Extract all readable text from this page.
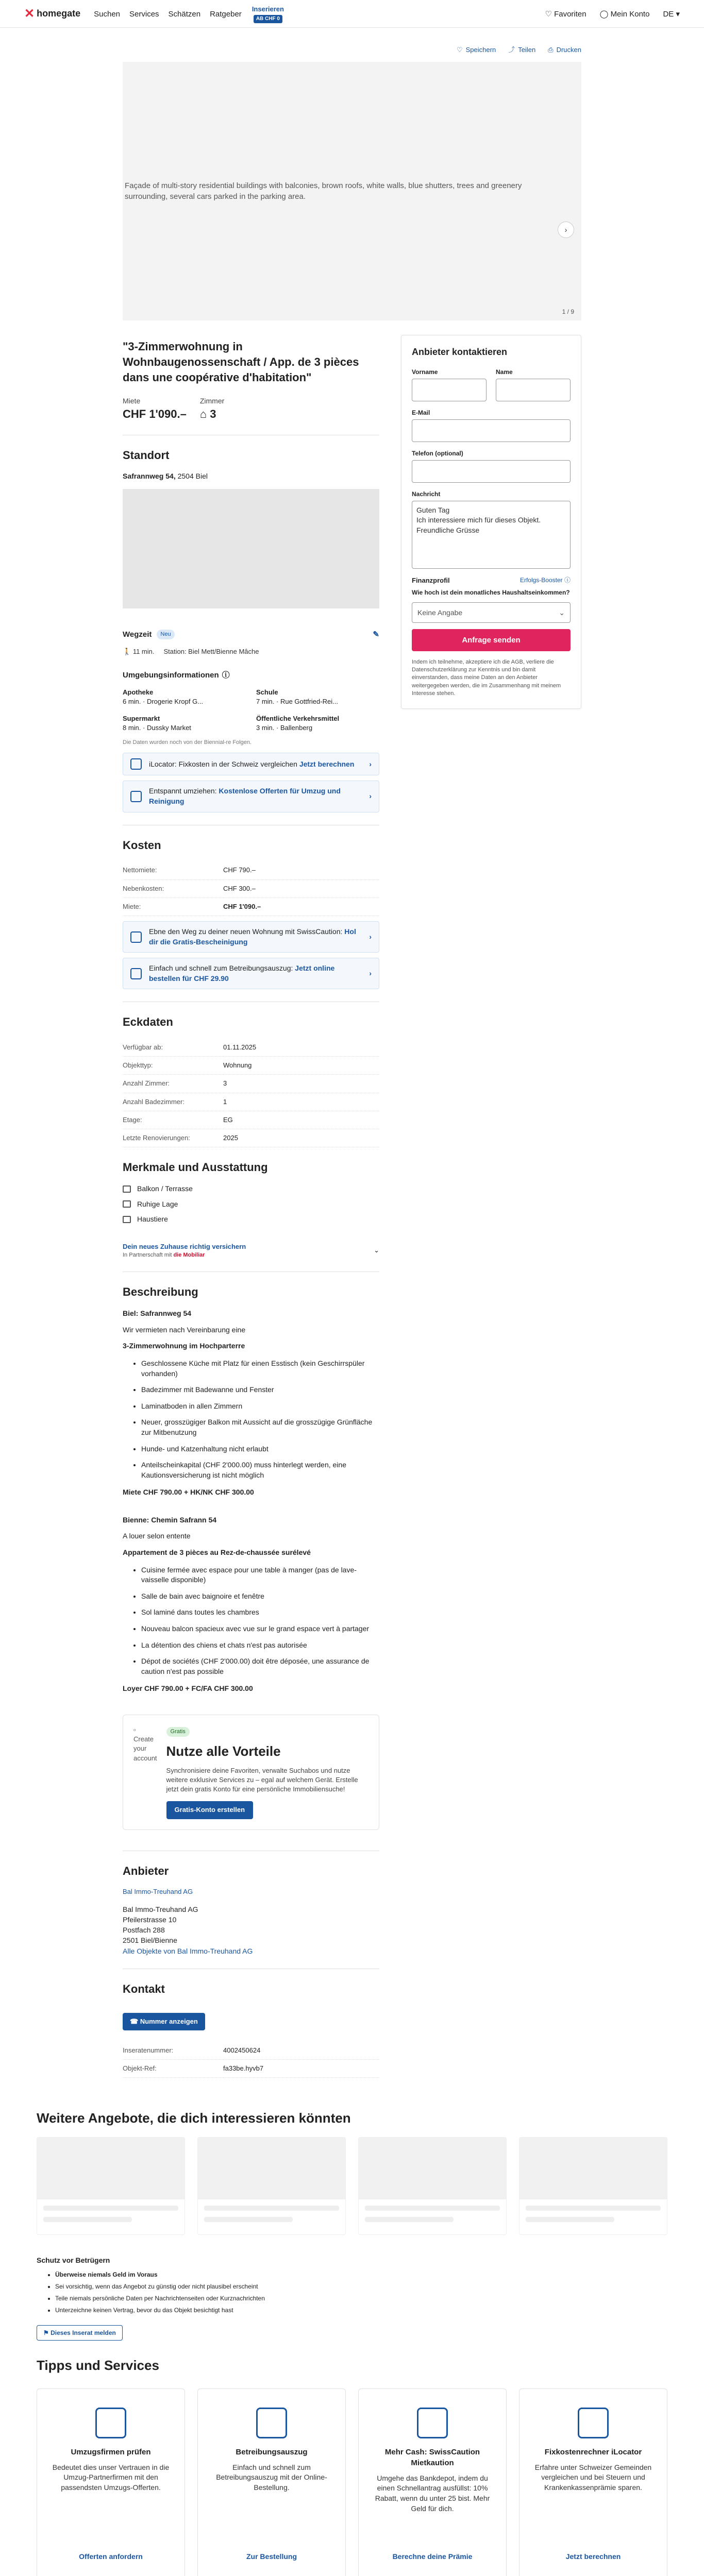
✕ homegate Suchen Services Schätzen Ratgeber
Inserieren
AB CHF 0
♡ Favoriten ◯ Mein Konto DE ▾
♡ Speichern ⤴ Teilen ⎙ Drucken
Façade of multi-story residential buildings with balconies, brown roofs, white walls, blue shutters, trees and greenery surrounding, several cars parked in the parking area.
›
1 / 9
"3-Zimmerwohnung in Wohnbaugenossenschaft / App. de 3 pièces dans une coopérative d'habitation"
Miete
CHF 1'090.–
Zimmer
⌂ 3
Standort
Safrannweg 54, 2504 Biel
Wegzeit	Neu	✎
🚶 11 min. Station: Biel Mett/Bienne Mâche
Umgebungsinformationen ⓘ
Apotheke
6 min. · Drogerie Kropf G...
Schule
7 min. · Rue Gottfried-Rei...
Supermarkt
8 min. · Dussky Market
Öffentliche Verkehrsmittel
3 min. · Ballenberg
Die Daten wurden noch von der Biennial-re Folgen.
iLocator: Fixkosten in der Schweiz vergleichen Jetzt berechnen ›
Entspannt umziehen: Kostenlose Offerten für Umzug und Reinigung
›
Kosten
Nettomiete:	CHF 790.–
Nebenkosten:	CHF 300.–
Miete:	CHF 1'090.–
Ebne den Weg zu deiner neuen Wohnung mit SwissCaution: Hol dir die Gratis-Bescheinigung
›
Einfach und schnell zum Betreibungsauszug: Jetzt online bestellen für CHF 29.90
›
Eckdaten
Verfügbar ab:	01.11.2025
Objekttyp:	Wohnung
Anzahl Zimmer:	3
Anzahl Badezimmer:	1
Etage:	EG
Letzte Renovierungen:	2025
Merkmale und Ausstattung
Balkon / Terrasse
Ruhige Lage
Haustiere
Dein neues Zuhause richtig versichern
In Partnerschaft mit die Mobiliar
⌄
Beschreibung

Biel: Safrannweg 54

Wir vermieten nach Vereinbarung eine

3-Zimmerwohnung im Hochparterre

• Geschlossene Küche mit Platz für einen Esstisch (kein Geschirrspüler vorhanden)
• Badezimmer mit Badewanne und Fenster
• Laminatboden in allen Zimmern
• Neuer, grosszügiger Balkon mit Aussicht auf die grosszügige Grünfläche zur Mitbenutzung
• Hunde- und Katzenhaltung nicht erlaubt
• Anteilscheinkapital (CHF 2'000.00) muss hinterlegt werden, eine Kautionsversicherung ist nicht möglich

Miete CHF 790.00 + HK/NK CHF 300.00

Bienne: Chemin Safrann 54

A louer selon entente

Appartement de 3 pièces au Rez-de-chaussée surélevé

• Cuisine fermée avec espace pour une table à manger (pas de lave-vaisselle disponible)
• Salle de bain avec baignoire et fenêtre
• Sol laminé dans toutes les chambres
• Nouveau balcon spacieux avec vue sur le grand espace vert à partager
• La détention des chiens et chats n'est pas autorisée
• Dépot de sociétés (CHF 2'000.00) doit être déposée, une assurance de caution n'est pas possible

Loyer CHF 790.00 + FC/FA CHF 300.00

▫ Create your account
Gratis
Nutze alle Vorteile

Synchronisiere deine Favoriten, verwalte Suchabos und nutze weitere exklusive Services zu – egal auf welchem Gerät. Erstelle jetzt dein gratis Konto für eine persönliche Immobiliensuche!

Gratis-Konto erstellen
Anbieter
Bal Immo-Treuhand AG
Bal Immo-Treuhand AG
Pfeilerstrasse 10
Postfach 288
2501 Biel/Bienne
Alle Objekte von Bal Immo-Treuhand AG
Kontakt
☎ Nummer anzeigen
Inseratenummer:	4002450624
Objekt-Ref:	fa33be.hyvb7
Anbieter kontaktieren
Vorname	Name
E-Mail
Telefon (optional)
Nachricht
Guten Tag
Ich interessiere mich für dieses Objekt.
Freundliche Grüsse
Finanzprofil	Erfolgs-Booster ⓘ
Wie hoch ist dein monatliches Haushaltseinkommen?
Keine Angabe	⌄
Anfrage senden
Indem ich teilnehme, akzeptiere ich die AGB, verliere die Datenschutzerklärung zur Kenntnis und bin damit einverstanden, dass meine Daten an den Anbieter weitergegeben werden, die im Zusammenhang mit meinem Interesse stehen.
Weitere Angebote, die dich interessieren könnten
Schutz vor Betrügern
• Überweise niemals Geld im Voraus
• Sei vorsichtig, wenn das Angebot zu günstig oder nicht plausibel erscheint
• Teile niemals persönliche Daten per Nachrichtenseiten oder Kurznachrichten
• Unterzeichne keinen Vertrag, bevor du das Objekt besichtigt hast
⚑ Dieses Inserat melden
Tipps und Services
Umzugsfirmen prüfen

Bedeutet dies unser Vertrauen in die Umzug-Partnerfirmen mit den passendsten Umzugs-Offerten.

Offerten anfordern
Betreibungsauszug

Einfach und schnell zum Betreibungsauszug mit der Online-Bestellung.

Zur Bestellung
Mehr Cash: SwissCaution Mietkaution

Umgehe das Bankdepot, indem du einen Schnellantrag ausfüllst: 10% Rabatt, wenn du unter 25 bist. Mehr Geld für dich.

Berechne deine Prämie
Fixkostenrechner iLocator

Erfahre unter Schweizer Gemeinden vergleichen und bei Steuern und Krankenkassenprämie sparen.

Jetzt berechnen
